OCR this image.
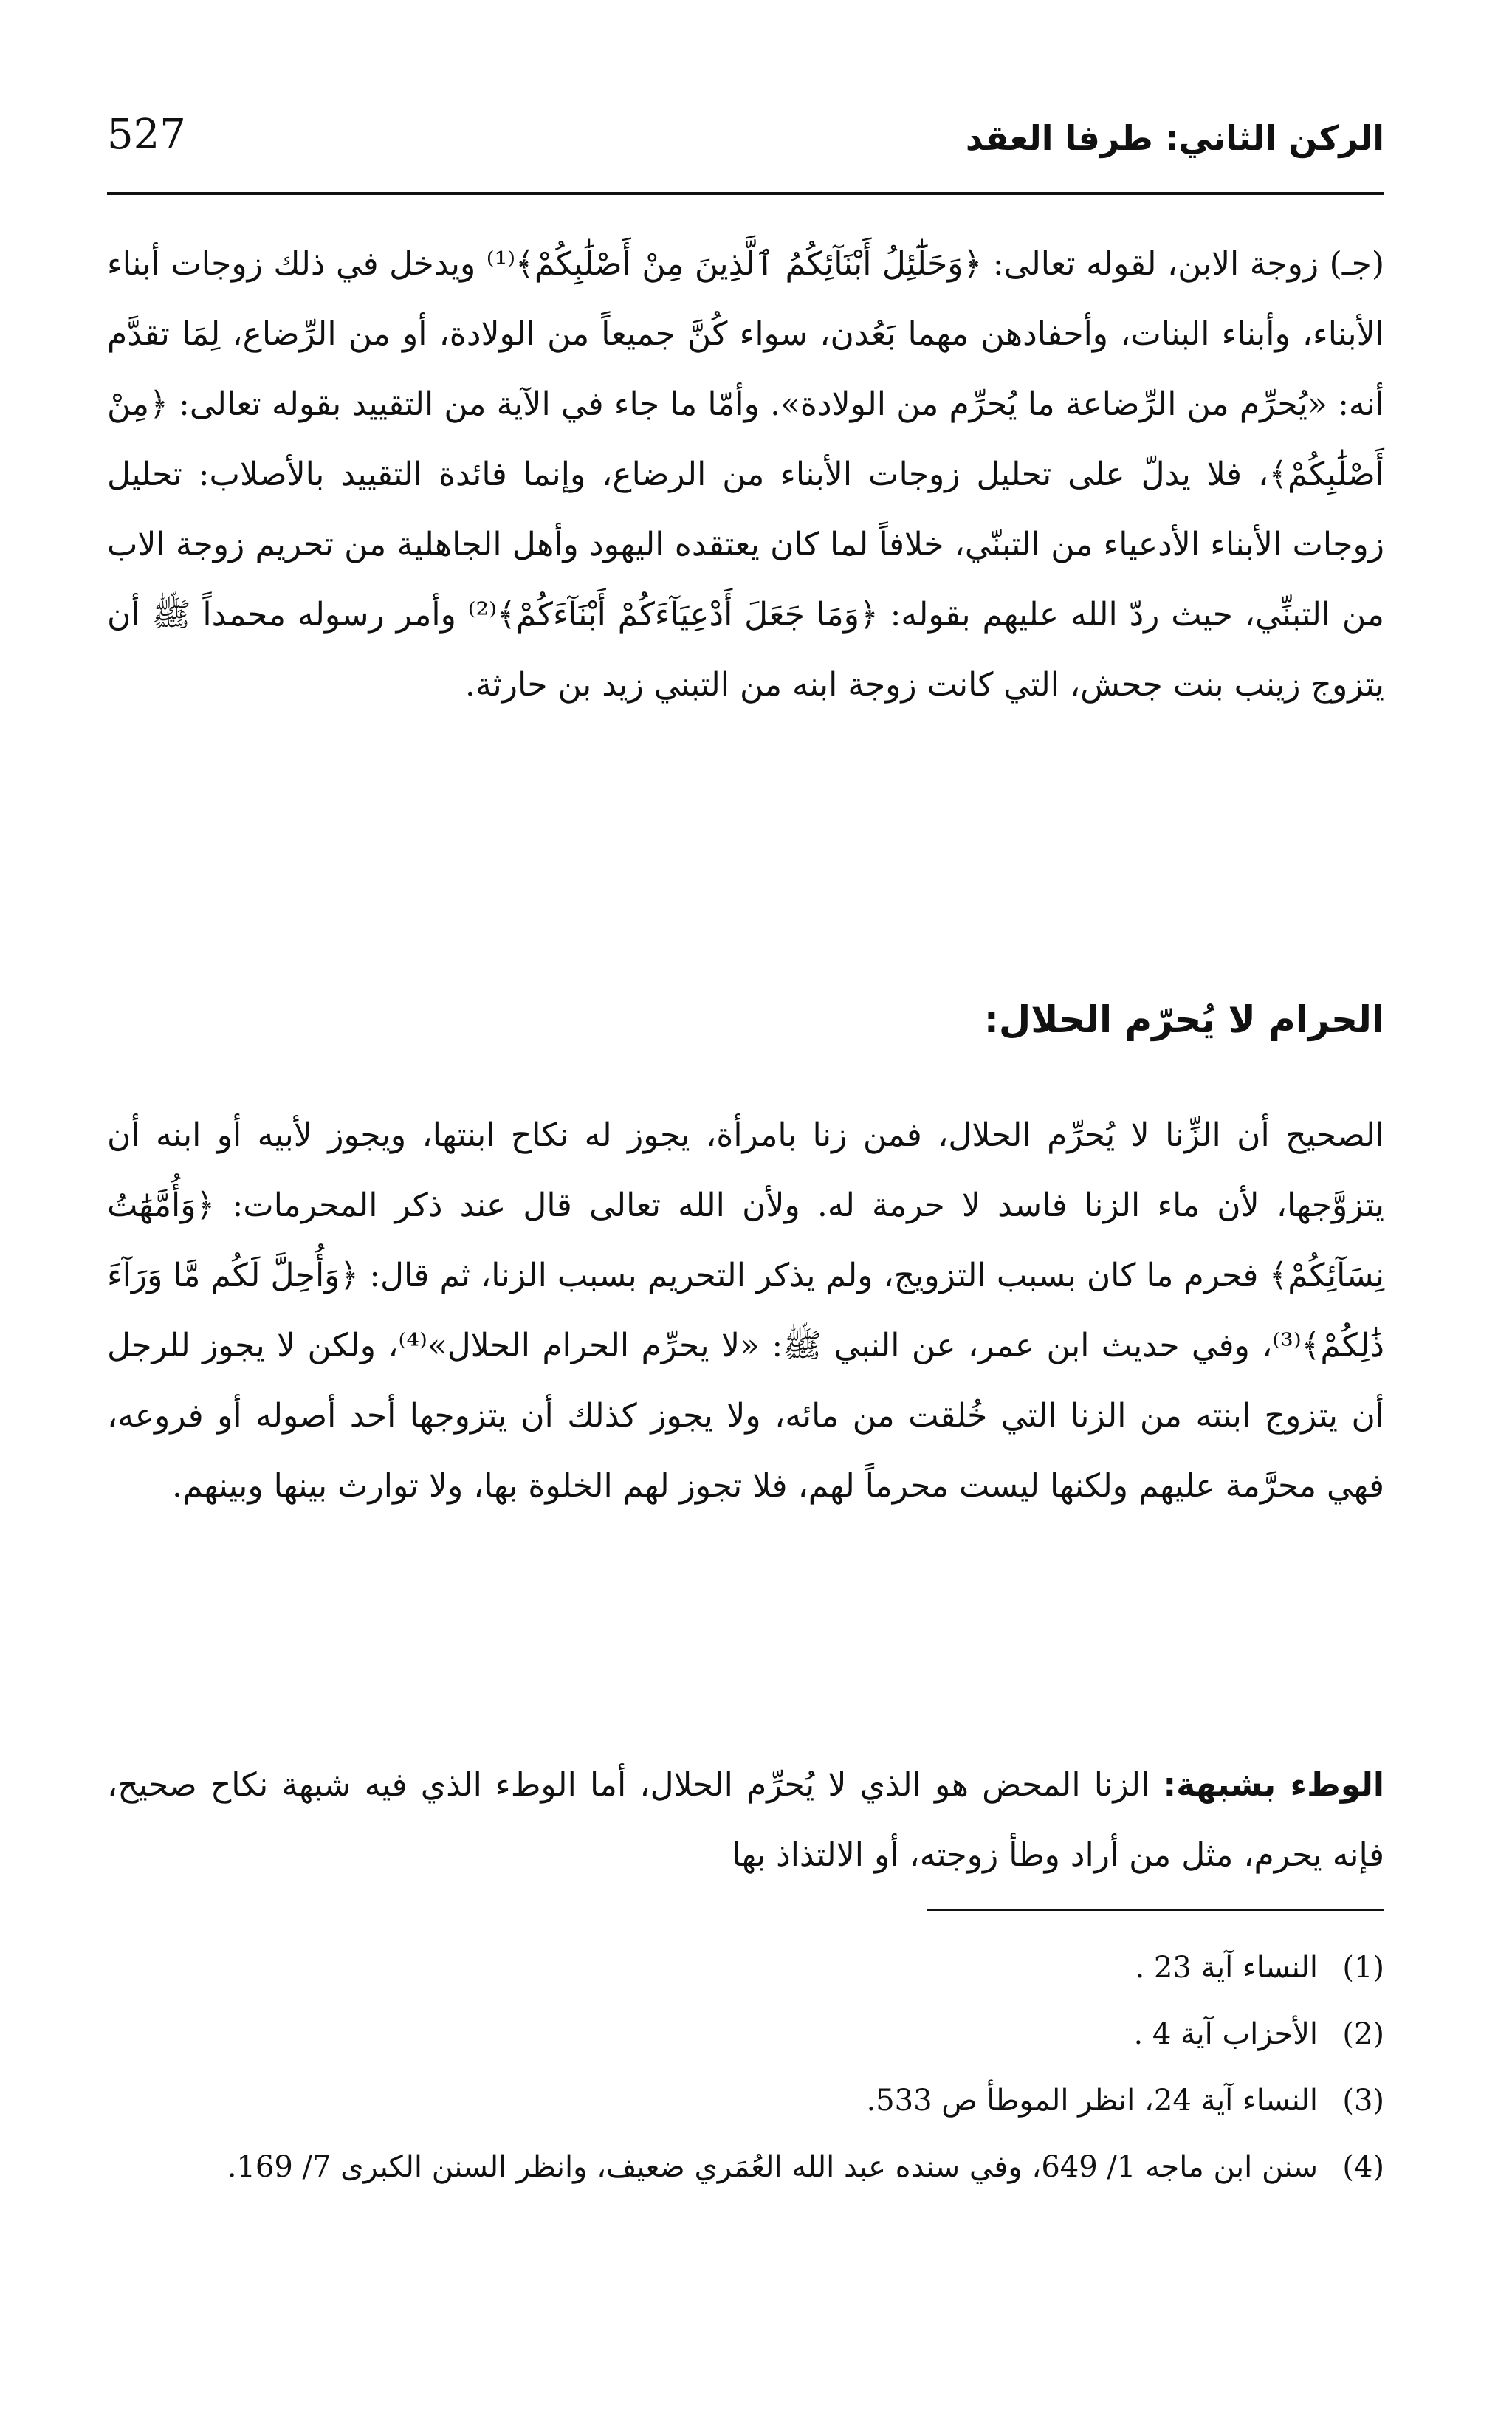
الركن الثاني: طرفا العقد
527

(جـ) زوجة الابن، لقوله تعالى: ﴿وَحَلَٰٓئِلُ أَبْنَآئِكُمُ ٱلَّذِينَ مِنْ أَصْلَٰبِكُمْ﴾⁽¹⁾ ويدخل في ذلك زوجات أبناء الأبناء، وأبناء البنات، وأحفادهن مهما بَعُدن، سواء كُنَّ جميعاً من الولادة، أو من الرِّضاع، لِمَا تقدَّم أنه: «يُحرِّم من الرِّضاعة ما يُحرِّم من الولادة». وأمّا ما جاء في الآية من التقييد بقوله تعالى: ﴿مِنْ أَصْلَٰبِكُمْ﴾، فلا يدلّ على تحليل زوجات الأبناء من الرضاع، وإنما فائدة التقييد بالأصلاب: تحليل زوجات الأبناء الأدعياء من التبنّي، خلافاً لما كان يعتقده اليهود وأهل الجاهلية من تحريم زوجة الاب من التبنِّي، حيث ردّ الله عليهم بقوله: ﴿وَمَا جَعَلَ أَدْعِيَآءَكُمْ أَبْنَآءَكُمْ﴾⁽²⁾ وأمر رسوله محمداً ﷺ أن يتزوج زينب بنت جحش، التي كانت زوجة ابنه من التبني زيد بن حارثة.

الحرام لا يُحرّم الحلال:

الصحيح أن الزِّنا لا يُحرِّم الحلال، فمن زنا بامرأة، يجوز له نكاح ابنتها، ويجوز لأبيه أو ابنه أن يتزوَّجها، لأن ماء الزنا فاسد لا حرمة له. ولأن الله تعالى قال عند ذكر المحرمات: ﴿وَأُمَّهَٰتُ نِسَآئِكُمْ﴾ فحرم ما كان بسبب التزويج، ولم يذكر التحريم بسبب الزنا، ثم قال: ﴿وَأُحِلَّ لَكُم مَّا وَرَآءَ ذَٰلِكُمْ﴾⁽³⁾، وفي حديث ابن عمر، عن النبي ﷺ: «لا يحرِّم الحرام الحلال»⁽⁴⁾، ولكن لا يجوز للرجل أن يتزوج ابنته من الزنا التي خُلقت من مائه، ولا يجوز كذلك أن يتزوجها أحد أصوله أو فروعه، فهي محرَّمة عليهم ولكنها ليست محرماً لهم، فلا تجوز لهم الخلوة بها، ولا توارث بينها وبينهم.

الوطء بشبهة: الزنا المحض هو الذي لا يُحرِّم الحلال، أما الوطء الذي فيه شبهة نكاح صحيح، فإنه يحرم، مثل من أراد وطأ زوجته، أو الالتذاذ بها

(1)النساء آية 23 .

(2)الأحزاب آية 4 .

(3)النساء آية 24، انظر الموطأ ص 533.

(4)سنن ابن ماجه 1/ 649، وفي سنده عبد الله العُمَري ضعيف، وانظر السنن الكبرى 7/ 169.
